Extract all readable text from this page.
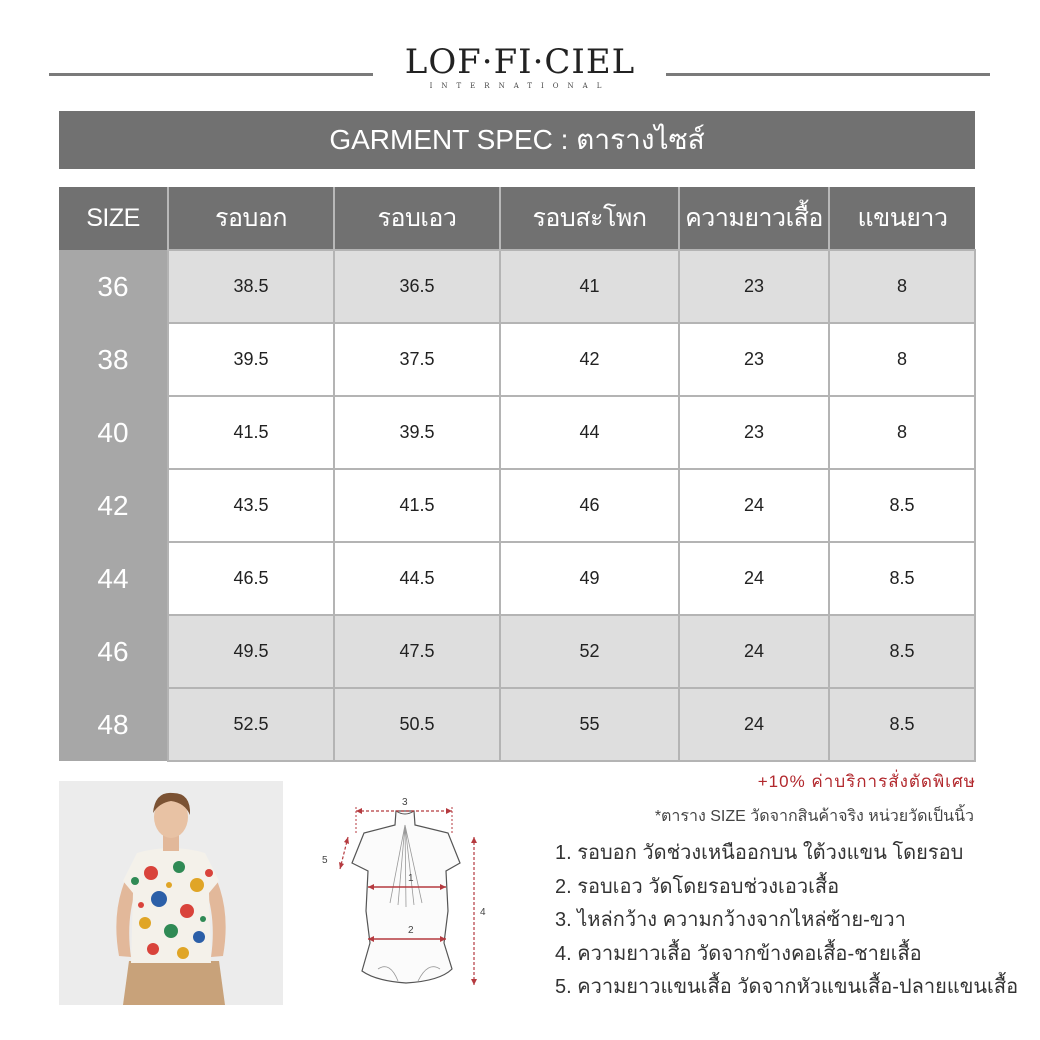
LOF·FI·CIEL
INTERNATIONAL
GARMENT SPEC : ตารางไซส์
SIZE	รอบอก	รอบเอว	รอบสะโพก	ความยาวเสื้อ	แขนยาว
36	38.5	36.5	41	23	8
38	39.5	37.5	42	23	8
40	41.5	39.5	44	23	8
42	43.5	41.5	46	24	8.5
44	46.5	44.5	49	24	8.5
46	49.5	47.5	52	24	8.5
48	52.5	50.5	55	24	8.5
+10% ค่าบริการสั่งตัดพิเศษ
3
5
1
2
4
*ตาราง SIZE วัดจากสินค้าจริง หน่วยวัดเป็นนิ้ว
1. รอบอก วัดช่วงเหนืออกบน ใต้วงแขน โดยรอบ
2. รอบเอว วัดโดยรอบช่วงเอวเสื้อ
3. ไหล่กว้าง ความกว้างจากไหล่ซ้าย-ขวา
4. ความยาวเสื้อ วัดจากข้างคอเสื้อ-ชายเสื้อ
5. ความยาวแขนเสื้อ วัดจากหัวแขนเสื้อ-ปลายแขนเสื้อ
